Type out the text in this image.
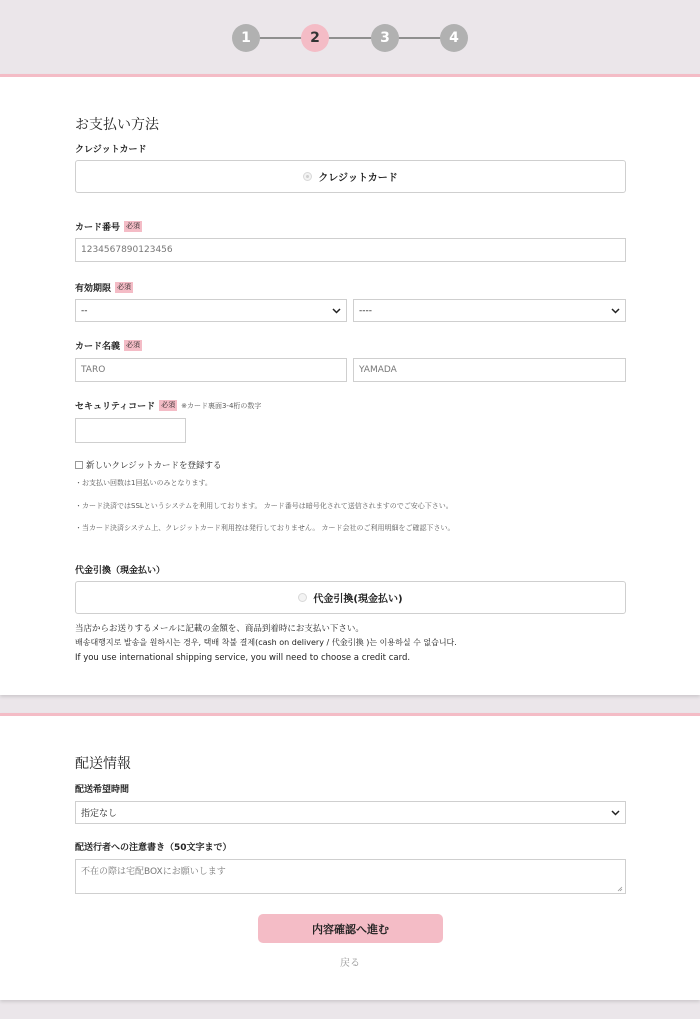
1	2	3	4
お支払い方法
クレジットカード
クレジットカード
カード番号 必須
1234567890123456
有効期限 必須
--	----
カード名義 必須
TARO	YAMADA
セキュリティコード 必須 ※カード裏面3-4桁の数字
新しいクレジットカードを登録する
・お支払い回数は1回払いのみとなります。
・カード決済ではSSLというシステムを利用しております。 カード番号は暗号化されて送信されますのでご安心下さい。
・当カード決済システム上、クレジットカード利用控は発行しておりません。 カード会社のご利用明細をご確認下さい。
代金引換（現金払い）
代金引換(現金払い)
当店からお送りするメールに記載の金額を、商品到着時にお支払い下さい。
배송대행지로 발송을 원하시는 경우, 택배 착불 결제(cash on delivery / 代金引換 )는 이용하실 수 없습니다.
If you use international shipping service, you will need to choose a credit card.
配送情報
配送希望時間
指定なし
配送行者への注意書き（50文字まで）
不在の際は宅配BOXにお願いします
内容確認へ進む
戻る
